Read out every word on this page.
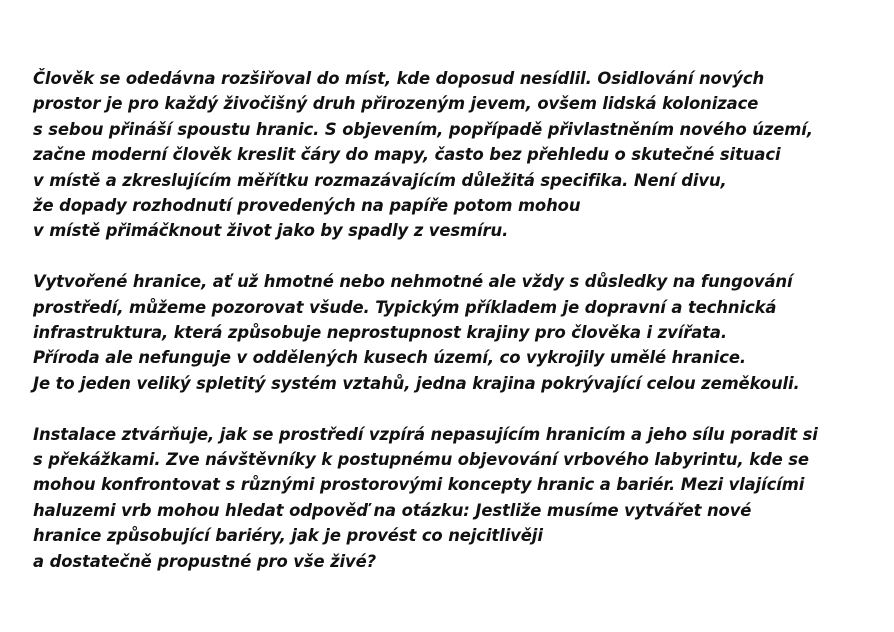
Člověk se odedávna rozšiřoval do míst, kde doposud nesídlil. Osidlování nových
prostor je pro každý živočišný druh přirozeným jevem, ovšem lidská kolonizace
s sebou přináší spoustu hranic. S objevením, popřípadě přivlastněním nového území,
začne moderní člověk kreslit čáry do mapy, často bez přehledu o skutečné situaci
v místě a zkreslujícím měřítku rozmazávajícím důležitá specifika. Není divu,
že dopady rozhodnutí provedených na papíře potom mohou
v místě přimáčknout život jako by spadly z vesmíru.

Vytvořené hranice, ať už hmotné nebo nehmotné ale vždy s důsledky na fungování
prostředí, můžeme pozorovat všude. Typickým příkladem je dopravní a technická
infrastruktura, která způsobuje neprostupnost krajiny pro člověka i zvířata.
Příroda ale nefunguje v oddělených kusech území, co vykrojily umělé hranice.
Je to jeden veliký spletitý systém vztahů, jedna krajina pokrývající celou zeměkouli.

Instalace ztvárňuje, jak se prostředí vzpírá nepasujícím hranicím a jeho sílu poradit si
s překážkami. Zve návštěvníky k postupnému objevování vrbového labyrintu, kde se
mohou konfrontovat s různými prostorovými koncepty hranic a bariér. Mezi vlajícími
haluzemi vrb mohou hledat odpověď na otázku: Jestliže musíme vytvářet nové
hranice způsobující bariéry, jak je provést co nejcitlivěji
a dostatečně propustné pro vše živé?
